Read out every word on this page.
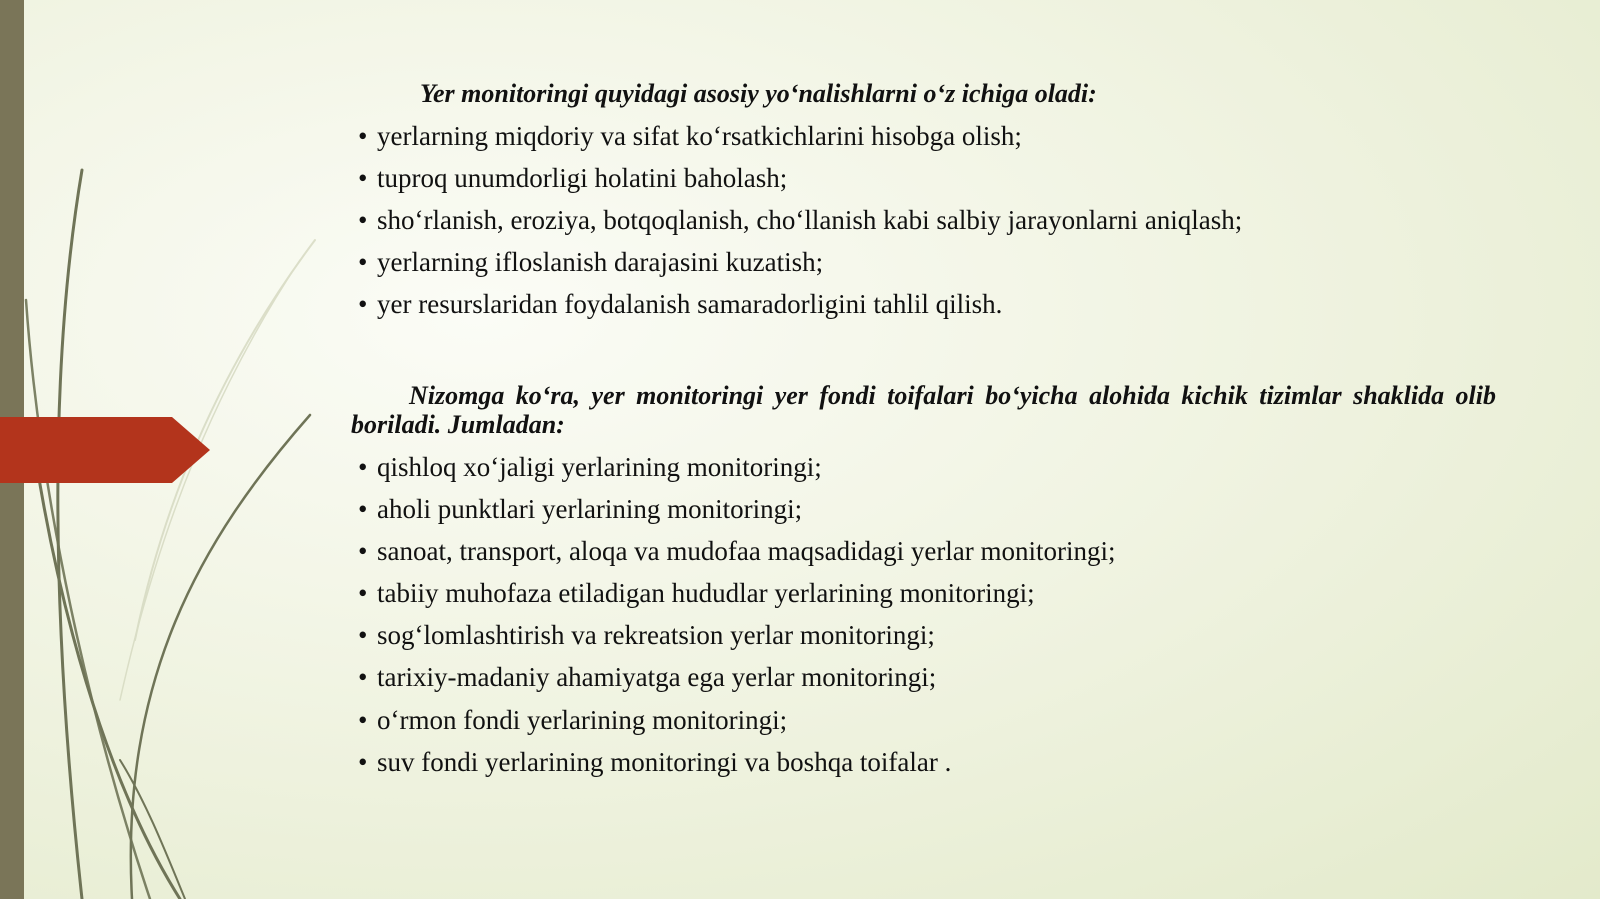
Yer monitoringi quyidagi asosiy yo‘nalishlarni o‘z ichiga oladi:

• yerlarning miqdoriy va sifat ko‘rsatkichlarini hisobga olish;
• tuproq unumdorligi holatini baholash;
• sho‘rlanish, eroziya, botqoqlanish, cho‘llanish kabi salbiy jarayonlarni aniqlash;
• yerlarning ifloslanish darajasini kuzatish;
• yer resurslaridan foydalanish samaradorligini tahlil qilish.

Nizomga ko‘ra, yer monitoringi yer fondi toifalari bo‘yicha alohida kichik tizimlar shaklida olib boriladi. Jumladan:

• qishloq xo‘jaligi yerlarining monitoringi;
• aholi punktlari yerlarining monitoringi;
• sanoat, transport, aloqa va mudofaa maqsadidagi yerlar monitoringi;
• tabiiy muhofaza etiladigan hududlar yerlarining monitoringi;
• sog‘lomlashtirish va rekreatsion yerlar monitoringi;
• tarixiy-madaniy ahamiyatga ega yerlar monitoringi;
• o‘rmon fondi yerlarining monitoringi;
• suv fondi yerlarining monitoringi va boshqa toifalar .
